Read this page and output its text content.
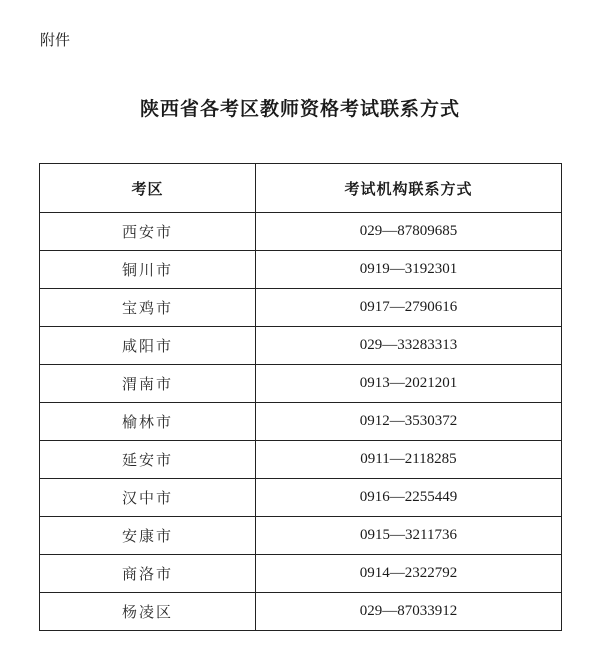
附件
陕西省各考区教师资格考试联系方式
考区	考试机构联系方式
西安市	029—87809685
铜川市	0919—3192301
宝鸡市	0917—2790616
咸阳市	029—33283313
渭南市	0913—2021201
榆林市	0912—3530372
延安市	0911—2118285
汉中市	0916—2255449
安康市	0915—3211736
商洛市	0914—2322792
杨凌区	029—87033912
